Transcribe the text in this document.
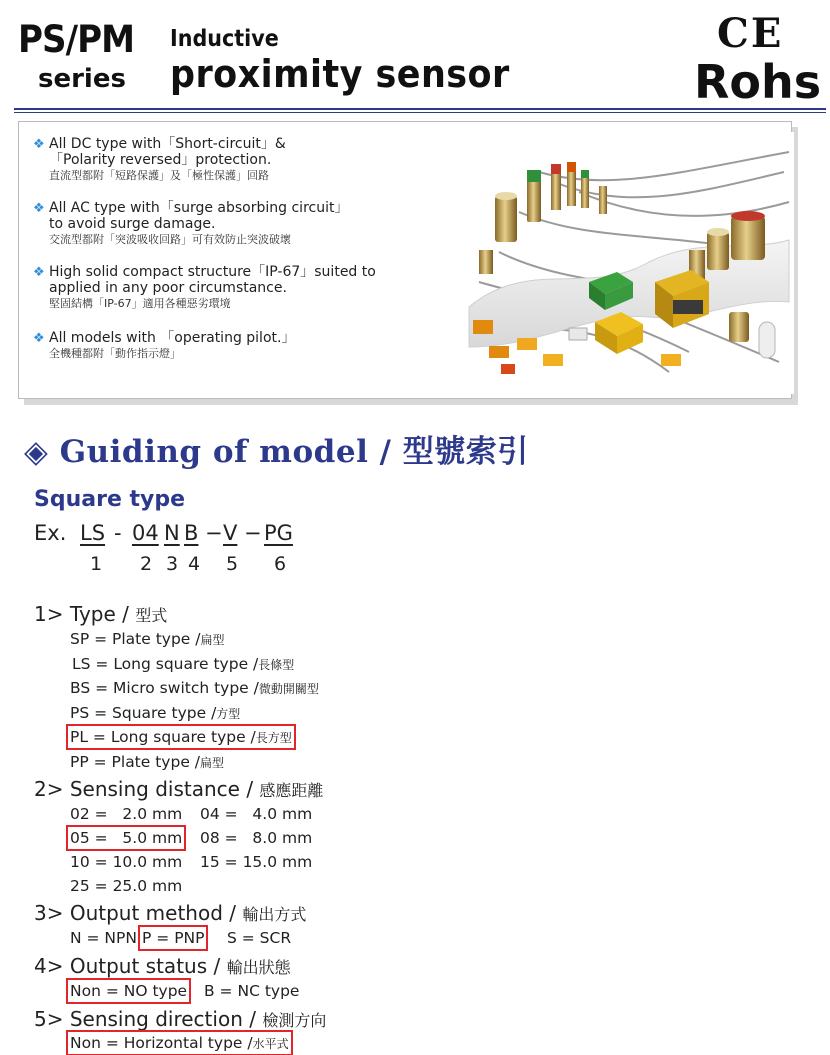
PS/PM
series
Inductive
proximity sensor
CE
Rohs
❖ All DC type with「Short-circuit」&
「Polarity reversed」protection.
直流型都附「短路保護」及「極性保護」回路
❖ All AC type with「surge absorbing circuit」
to avoid surge damage.
交流型都附「突波吸收回路」可有效防止突波破壞
❖ High solid compact structure「IP-67」suited to
applied in any poor circumstance.
堅固結構「IP-67」適用各種惡劣環境
❖ All models with 「operating pilot.」
全機種都附「動作指示燈」
◈ Guiding of model / 型號索引
Square type
Ex. LS - 04 N B − V − PG
1 2 3 4 5 6
1> Type / 型式
SP = Plate type /扁型
LS = Long square type /長條型
BS = Micro switch type /微動開關型
PS = Square type /方型
PL = Long square type /長方型
PP = Plate type /扁型
2> Sensing distance / 感應距離
02 =   2.0 mm 04 =   4.0 mm
05 =   5.0 mm 08 =   8.0 mm
10 = 10.0 mm 15 = 15.0 mm
25 = 25.0 mm
3> Output method / 輸出方式
N = NPN P = PNP S = SCR
4> Output status / 輸出狀態
Non = NO type B = NC type
5> Sensing direction / 檢測方向
Non = Horizontal type /水平式
